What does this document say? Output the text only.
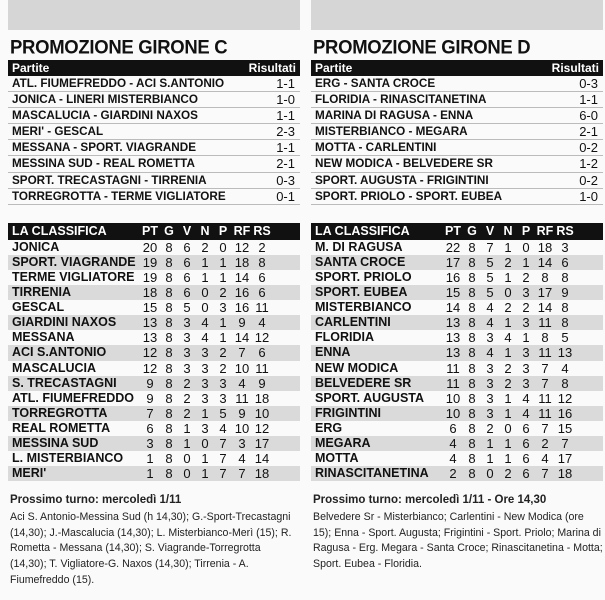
PROMOZIONE GIRONE C
Partite	Risultati
ATL. FIUMEFREDDO - ACI S.ANTONIO	1-1
JONICA - LINERI MISTERBIANCO	1-0
MASCALUCIA - GIARDINI NAXOS	1-1
MERI' - GESCAL	2-3
MESSANA - SPORT. VIAGRANDE	1-1
MESSINA SUD - REAL ROMETTA	2-1
SPORT. TRECASTAGNI - TIRRENIA	0-3
TORREGROTTA - TERME VIGLIATORE	0-1
LA CLASSIFICA	PT G V N P RF RS
JONICA	20 8 6 2 0 12 2
SPORT. VIAGRANDE 19 8 6 1 1 18 8
TERME VIGLIATORE 19 8 6 1 1 14 6
TIRRENIA	18 8 6 0 2 16 6
GESCAL	15 8 5 0 3 16 11
GIARDINI NAXOS	13 8 3 4 1 9 4
MESSANA	13 8 3 4 1 14 12
ACI S.ANTONIO	12 8 3 3 2 7 6
MASCALUCIA	12 8 3 3 2 10 11
S. TRECASTAGNI	9 8 2 3 3 4 9
ATL. FIUMEFREDDO 9 8 2 3 3 11 18
TORREGROTTA	7 8 2 1 5 9 10
REAL ROMETTA	6 8 1 3 4 10 12
MESSINA SUD	3 8 1 0 7 3 17
L. MISTERBIANCO	1 8 0 1 7 4 14
MERI'	1 8 0 1 7 7 18
Prossimo turno: mercoledì 1/11
Aci S. Antonio-Messina Sud (h 14,30); G.-Sport-Trecastagni (14,30); J.-Mascalucia (14,30); L. Misterbianco-Merì (15); R. Rometta - Messana (14,30); S. Viagrande-Torregrotta (14,30); T. Vigliatore-G. Naxos (14,30); Tirrenia - A. Fiumefreddo (15).
PROMOZIONE GIRONE D
Partite	Risultati
ERG - SANTA CROCE	0-3
FLORIDIA - RINASCITANETINA	1-1
MARINA DI RAGUSA - ENNA	6-0
MISTERBIANCO - MEGARA	2-1
MOTTA - CARLENTINI	0-2
NEW MODICA - BELVEDERE SR	1-2
SPORT. AUGUSTA - FRIGINTINI	0-2
SPORT. PRIOLO - SPORT. EUBEA	1-0
LA CLASSIFICA	PT G V N P RF RS
M. DI RAGUSA	22 8 7 1 0 18 3
SANTA CROCE	17 8 5 2 1 14 6
SPORT. PRIOLO	16 8 5 1 2 8 8
SPORT. EUBEA	15 8 5 0 3 17 9
MISTERBIANCO	14 8 4 2 2 14 8
CARLENTINI	13 8 4 1 3 11 8
FLORIDIA	13 8 3 4 1 8 5
ENNA	13 8 4 1 3 11 13
NEW MODICA	11 8 3 2 3 7 4
BELVEDERE SR	11 8 3 2 3 7 8
SPORT. AUGUSTA	10 8 3 1 4 11 12
FRIGINTINI	10 8 3 1 4 11 16
ERG	6 8 2 0 6 7 15
MEGARA	4 8 1 1 6 2 7
MOTTA	4 8 1 1 6 4 17
RINASCITANETINA	2 8 0 2 6 7 18
Prossimo turno: mercoledì 1/11 - Ore 14,30
Belvedere Sr - Misterbianco; Carlentini - New Modica (ore 15); Enna - Sport. Augusta; Frigintini - Sport. Priolo; Marina di Ragusa - Erg. Megara - Santa Croce; Rinascitanetina - Motta; Sport. Eubea - Floridia.
